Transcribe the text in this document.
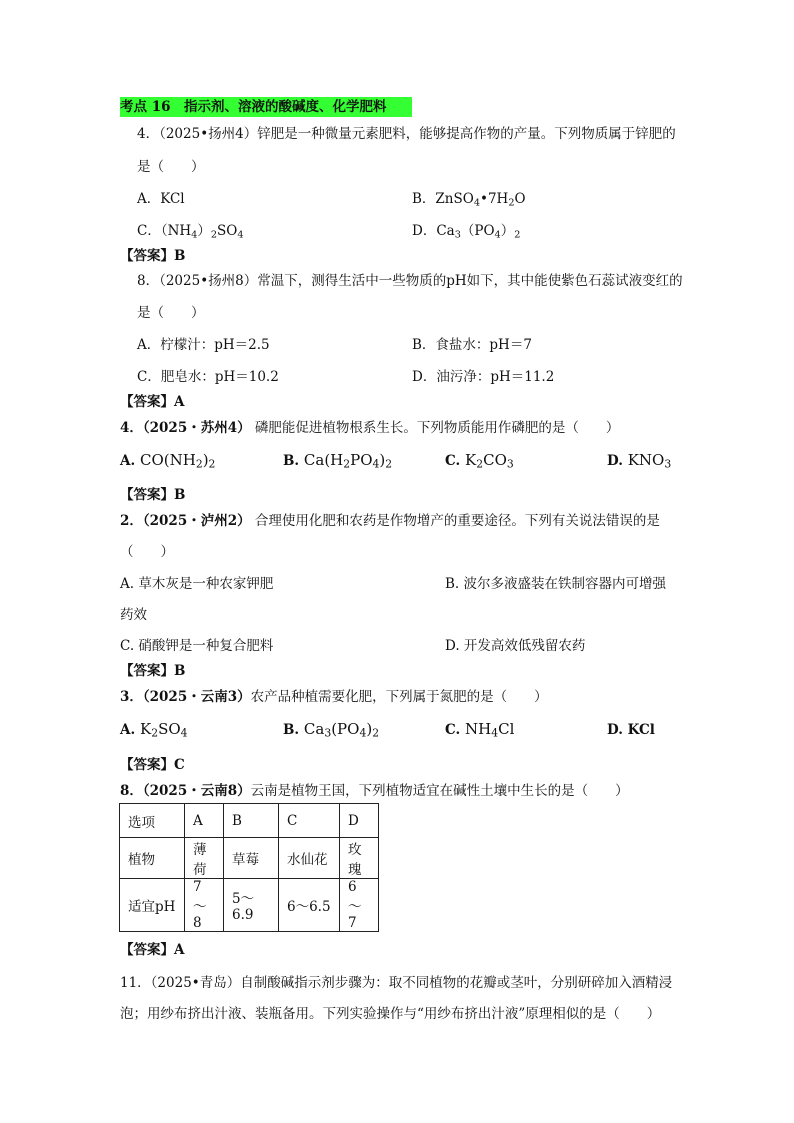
考点 16　 指示剂、溶液的酸碱度、化学肥料
4．（2025•扬州4）锌肥是一种微量元素肥料，能够提高作物的产量。下列物质属于锌肥的
是（　　）
A．KCl	B．$ZnSO_4•7H_2O$
C．$(NH_4)_2SO_4$	D．$Ca_3(PO_4)_2$
【答案】B
8．（2025•扬州8）常温下，测得生活中一些物质的pH如下，其中能使紫色石蕊试液变红的
是（　　）
A．柠檬汁：pH＝2.5	B．食盐水：pH＝7
C．肥皂水：pH＝10.2	D．油污净：pH＝11.2
【答案】A
4．（2025・苏州4） 磷肥能促进植物根系生长。下列物质能用作磷肥的是（　　）
A. $CO(NH_2)_2$	B. $Ca(H_2PO_4)_2$	C. $K_2CO_3$	D. $KNO_3$
【答案】B
2．（2025・泸州2） 合理使用化肥和农药是作物增产的重要途径。下列有关说法错误的是
（　　）
A. 草木灰是一种农家钾肥	B. 波尔多液盛装在铁制容器内可增强
药效
C. 硝酸钾是一种复合肥料	D. 开发高效低残留农药
【答案】B
3．（2025・云南3）农产品种植需要化肥，下列属于氮肥的是（　　）
A. $K_2SO_4$	B. $Ca_3(PO_4)_2$	C. $NH_4Cl$	D. KCl
【答案】C
8．（2025・云南8）云南是植物王国，下列植物适宜在碱性土壤中生长的是（　　）
选项	A	B	C	D
植物	薄荷	草莓	水仙花	玫瑰
适宜pH	7～8	5～6.9	6～6.5	6～7
【答案】A
11．（2025•青岛）自制酸碱指示剂步骤为：取不同植物的花瓣或茎叶，分别研碎加入酒精浸
泡；用纱布挤出汁液、装瓶备用。下列实验操作与“用纱布挤出汁液”原理相似的是（　　）
